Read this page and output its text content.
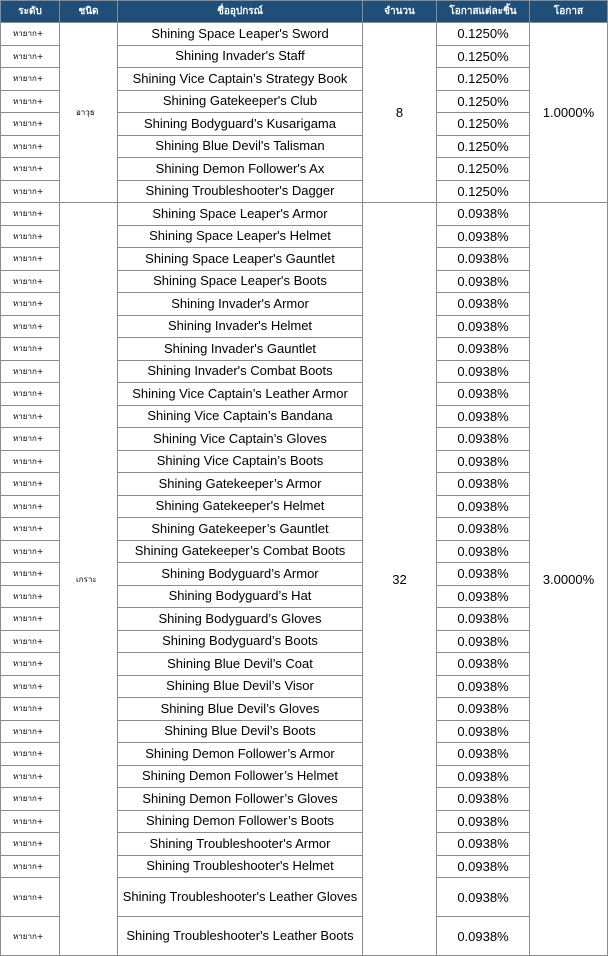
ระดับ	ชนิด	ชื่ออุปกรณ์	จำนวน	โอกาสแต่ละชิ้น	โอกาส
หายาก+	อาวุธ	Shining Space Leaper's Sword	8	0.1250%	1.0000%
หายาก+		Shining Invader's Staff		0.1250%	
หายาก+		Shining Vice Captain’s Strategy Book		0.1250%	
หายาก+		Shining Gatekeeper's Club		0.1250%	
หายาก+		Shining Bodyguard’s Kusarigama		0.1250%	
หายาก+		Shining Blue Devil's Talisman		0.1250%	
หายาก+		Shining Demon Follower's Ax		0.1250%	
หายาก+		Shining Troubleshooter's Dagger		0.1250%	
หายาก+	เกราะ	Shining Space Leaper's Armor	32	0.0938%	3.0000%
หายาก+		Shining Space Leaper's Helmet		0.0938%	
หายาก+		Shining Space Leaper's Gauntlet		0.0938%	
หายาก+		Shining Space Leaper's Boots		0.0938%	
หายาก+		Shining Invader's Armor		0.0938%	
หายาก+		Shining Invader's Helmet		0.0938%	
หายาก+		Shining Invader's Gauntlet		0.0938%	
หายาก+		Shining Invader's Combat Boots		0.0938%	
หายาก+		Shining Vice Captain’s Leather Armor		0.0938%	
หายาก+		Shining Vice Captain’s Bandana		0.0938%	
หายาก+		Shining Vice Captain’s Gloves		0.0938%	
หายาก+		Shining Vice Captain’s Boots		0.0938%	
หายาก+		Shining Gatekeeper’s Armor		0.0938%	
หายาก+		Shining Gatekeeper's Helmet		0.0938%	
หายาก+		Shining Gatekeeper’s Gauntlet		0.0938%	
หายาก+		Shining Gatekeeper’s Combat Boots		0.0938%	
หายาก+		Shining Bodyguard’s Armor		0.0938%	
หายาก+		Shining Bodyguard’s Hat		0.0938%	
หายาก+		Shining Bodyguard’s Gloves		0.0938%	
หายาก+		Shining Bodyguard’s Boots		0.0938%	
หายาก+		Shining Blue Devil’s Coat		0.0938%	
หายาก+		Shining Blue Devil’s Visor		0.0938%	
หายาก+		Shining Blue Devil’s Gloves		0.0938%	
หายาก+		Shining Blue Devil’s Boots		0.0938%	
หายาก+		Shining Demon Follower’s Armor		0.0938%	
หายาก+		Shining Demon Follower’s Helmet		0.0938%	
หายาก+		Shining Demon Follower’s Gloves		0.0938%	
หายาก+		Shining Demon Follower’s Boots		0.0938%	
หายาก+		Shining Troubleshooter's Armor		0.0938%	
หายาก+		Shining Troubleshooter's Helmet		0.0938%	
หายาก+		Shining Troubleshooter's Leather Gloves		0.0938%	
หายาก+		Shining Troubleshooter's Leather Boots		0.0938%	
